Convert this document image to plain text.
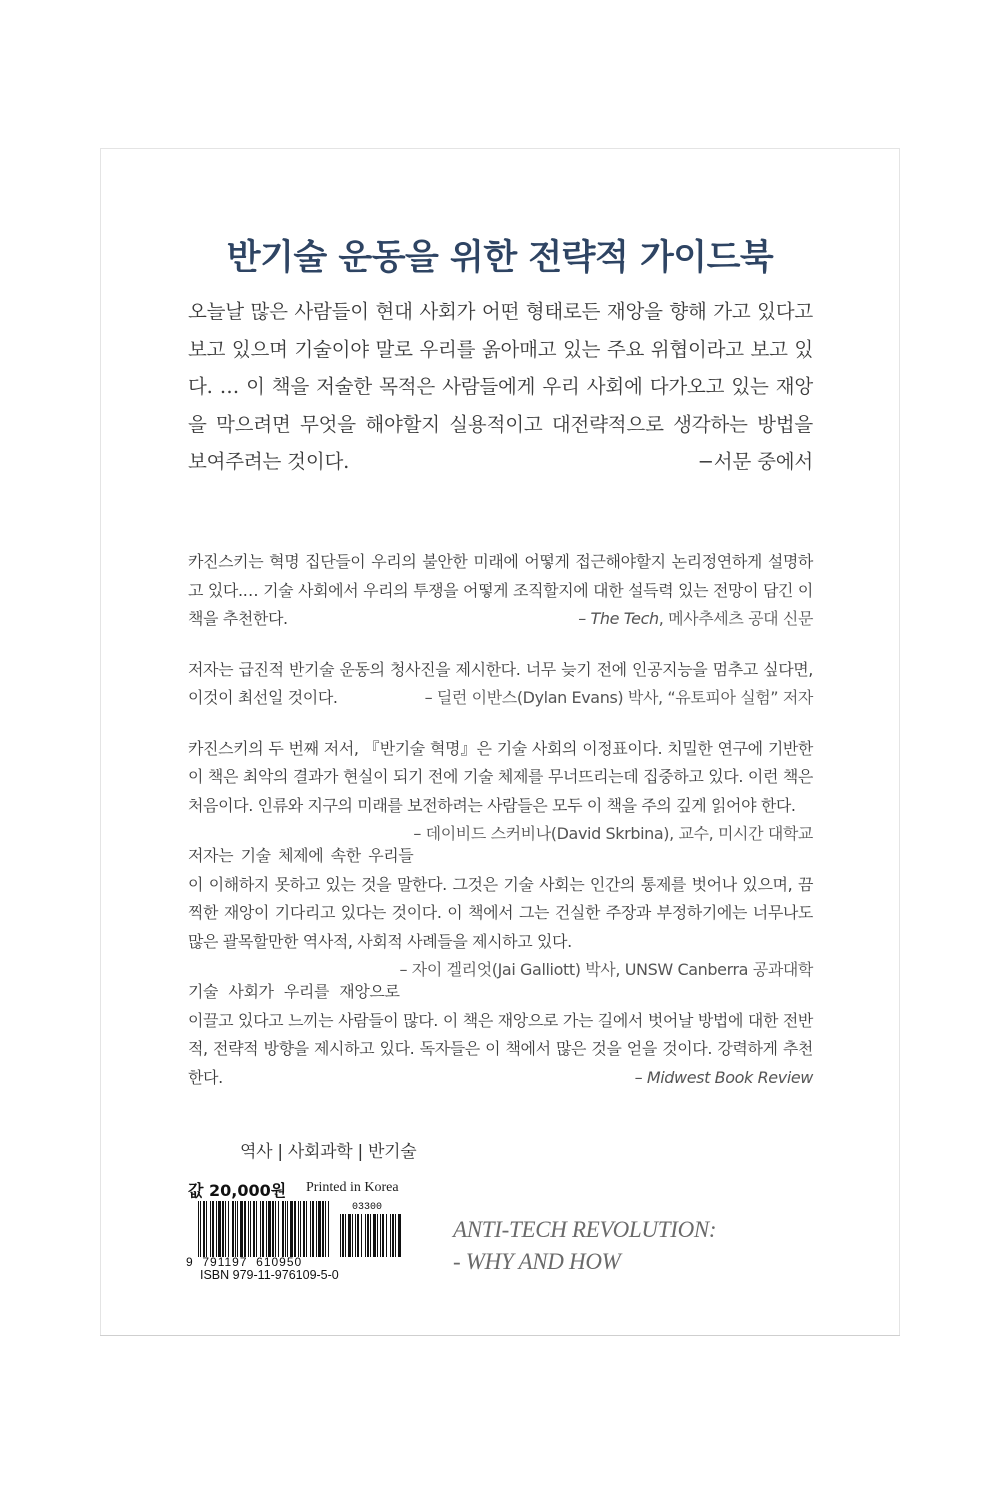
반기술 운동을 위한 전략적 가이드북
오늘날 많은 사람들이 현대 사회가 어떤 형태로든 재앙을 향해 가고 있다고 보고 있으며 기술이야 말로 우리를 옭아매고 있는 주요 위협이라고 보고 있다. … 이 책을 저술한 목적은 사람들에게 우리 사회에 다가오고 있는 재앙을 막으려면 무엇을 해야할지 실용적이고 대전략적으로 생각하는 방법을 보여주려는 것이다.	−서문 중에서

카진스키는 혁명 집단들이 우리의 불안한 미래에 어떻게 접근해야할지 논리정연하게 설명하고 있다.… 기술 사회에서 우리의 투쟁을 어떻게 조직할지에 대한 설득력 있는 전망이 담긴 이 책을 추천한다.	– The Tech, 메사추세츠 공대 신문

저자는 급진적 반기술 운동의 청사진을 제시한다. 너무 늦기 전에 인공지능을 멈추고 싶다면, 이것이 최선일 것이다.	– 딜런 이반스(Dylan Evans) 박사, “유토피아 실험” 저자

카진스키의 두 번째 저서, 『반기술 혁명』은 기술 사회의 이정표이다. 치밀한 연구에 기반한 이 책은 최악의 결과가 현실이 되기 전에 기술 체제를 무너뜨리는데 집중하고 있다. 이런 책은 처음이다. 인류와 지구의 미래를 보전하려는 사람들은 모두 이 책을 주의 깊게 읽어야 한다.
– 데이비드 스커비나(David Skrbina), 교수, 미시간 대학교

저자는 기술 체제에 속한 우리들이 이해하지 못하고 있는 것을 말한다. 그것은 기술 사회는 인간의 통제를 벗어나 있으며, 끔찍한 재앙이 기다리고 있다는 것이다. 이 책에서 그는 건실한 주장과 부정하기에는 너무나도 많은 괄목할만한 역사적, 사회적 사례들을 제시하고 있다.
– 자이 겔리엇(Jai Galliott) 박사, UNSW Canberra 공과대학

기술 사회가 우리를 재앙으로 이끌고 있다고 느끼는 사람들이 많다. 이 책은 재앙으로 가는 길에서 벗어날 방법에 대한 전반적, 전략적 방향을 제시하고 있다. 독자들은 이 책에서 많은 것을 얻을 것이다. 강력하게 추천한다.	– Midwest Book Review

역사 | 사회과학 | 반기술
값 20,000원 Printed in Korea
03300
9  791197  610950
ISBN 979-11-976109-5-0
ANTI-TECH REVOLUTION:
- WHY AND HOW
